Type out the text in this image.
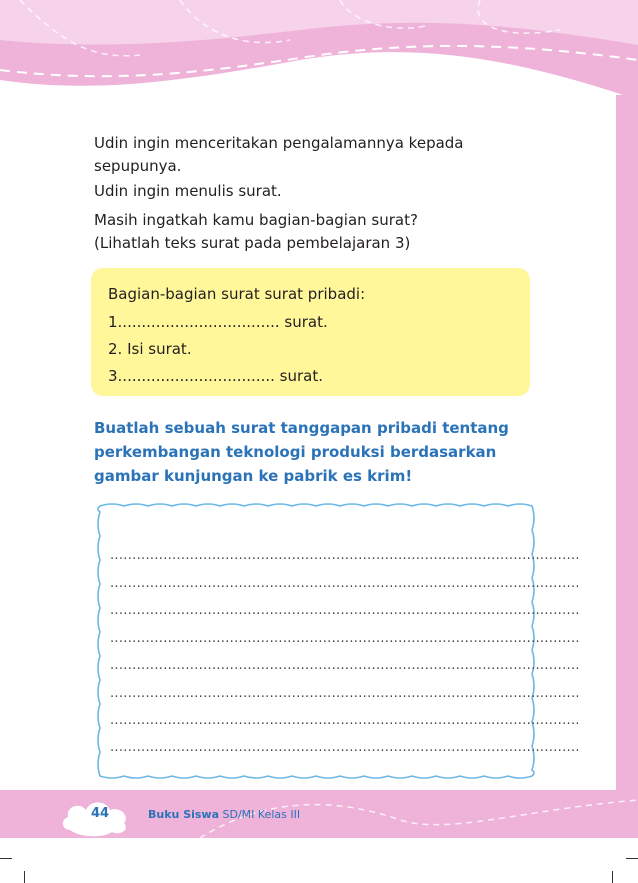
Udin ingin menceritakan pengalamannya kepada
sepupunya.
Udin ingin menulis surat.
Masih ingatkah kamu bagian-bagian surat?
(Lihatlah teks surat pada pembelajaran 3)
Bagian-bagian surat surat pribadi:
1.................................. surat.
2. Isi surat.
3................................. surat.
Buatlah sebuah surat tanggapan pribadi tentang
perkembangan teknologi produksi berdasarkan
gambar kunjungan ke pabrik es krim!
..........................................................................................................
..........................................................................................................
..........................................................................................................
..........................................................................................................
..........................................................................................................
..........................................................................................................
..........................................................................................................
..........................................................................................................
44	Buku Siswa SD/MI Kelas III
